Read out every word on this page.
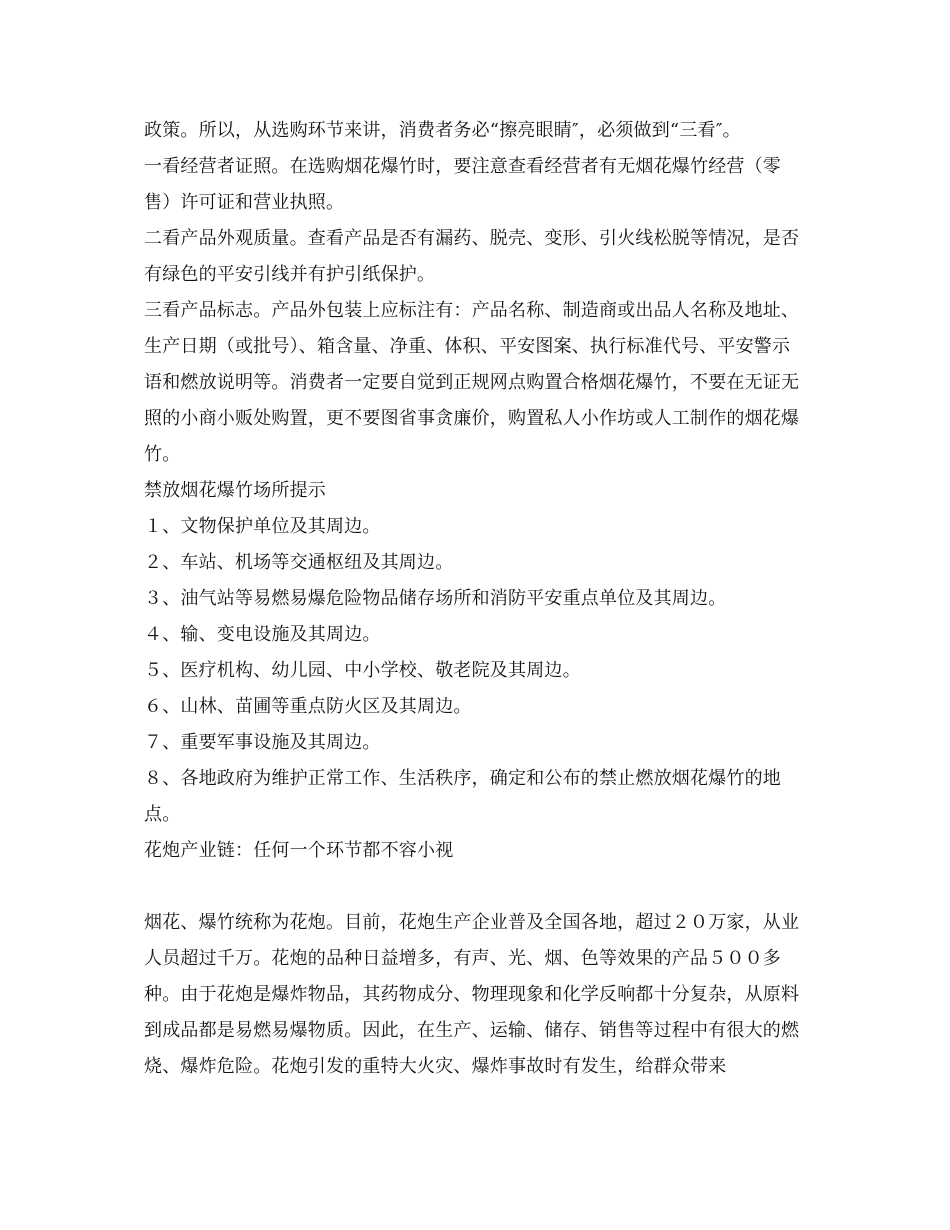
政策。所以，从选购环节来讲，消费者务必“擦亮眼睛″，必须做到“三看″。

一看经营者证照。在选购烟花爆竹时，要注意查看经营者有无烟花爆竹经营（零售）许可证和营业执照。

二看产品外观质量。查看产品是否有漏药、脱壳、变形、引火线松脱等情况，是否有绿色的平安引线并有护引纸保护。

三看产品标志。产品外包装上应标注有：产品名称、制造商或出品人名称及地址、生产日期（或批号）、箱含量、净重、体积、平安图案、执行标准代号、平安警示语和燃放说明等。消费者一定要自觉到正规网点购置合格烟花爆竹，不要在无证无照的小商小贩处购置，更不要图省事贪廉价，购置私人小作坊或人工制作的烟花爆竹。

禁放烟花爆竹场所提示

１、文物保护单位及其周边。

２、车站、机场等交通枢纽及其周边。

３、油气站等易燃易爆危险物品储存场所和消防平安重点单位及其周边。

４、输、变电设施及其周边。

５、医疗机构、幼儿园、中小学校、敬老院及其周边。

６、山林、苗圃等重点防火区及其周边。

７、重要军事设施及其周边。

８、各地政府为维护正常工作、生活秩序，确定和公布的禁止燃放烟花爆竹的地点。

花炮产业链：任何一个环节都不容小视

烟花、爆竹统称为花炮。目前，花炮生产企业普及全国各地，超过２０万家，从业人员超过千万。花炮的品种日益增多，有声、光、烟、色等效果的产品５００多种。由于花炮是爆炸物品，其药物成分、物理现象和化学反响都十分复杂，从原料到成品都是易燃易爆物质。因此，在生产、运输、储存、销售等过程中有很大的燃烧、爆炸危险。花炮引发的重特大火灾、爆炸事故时有发生，给群众带来
